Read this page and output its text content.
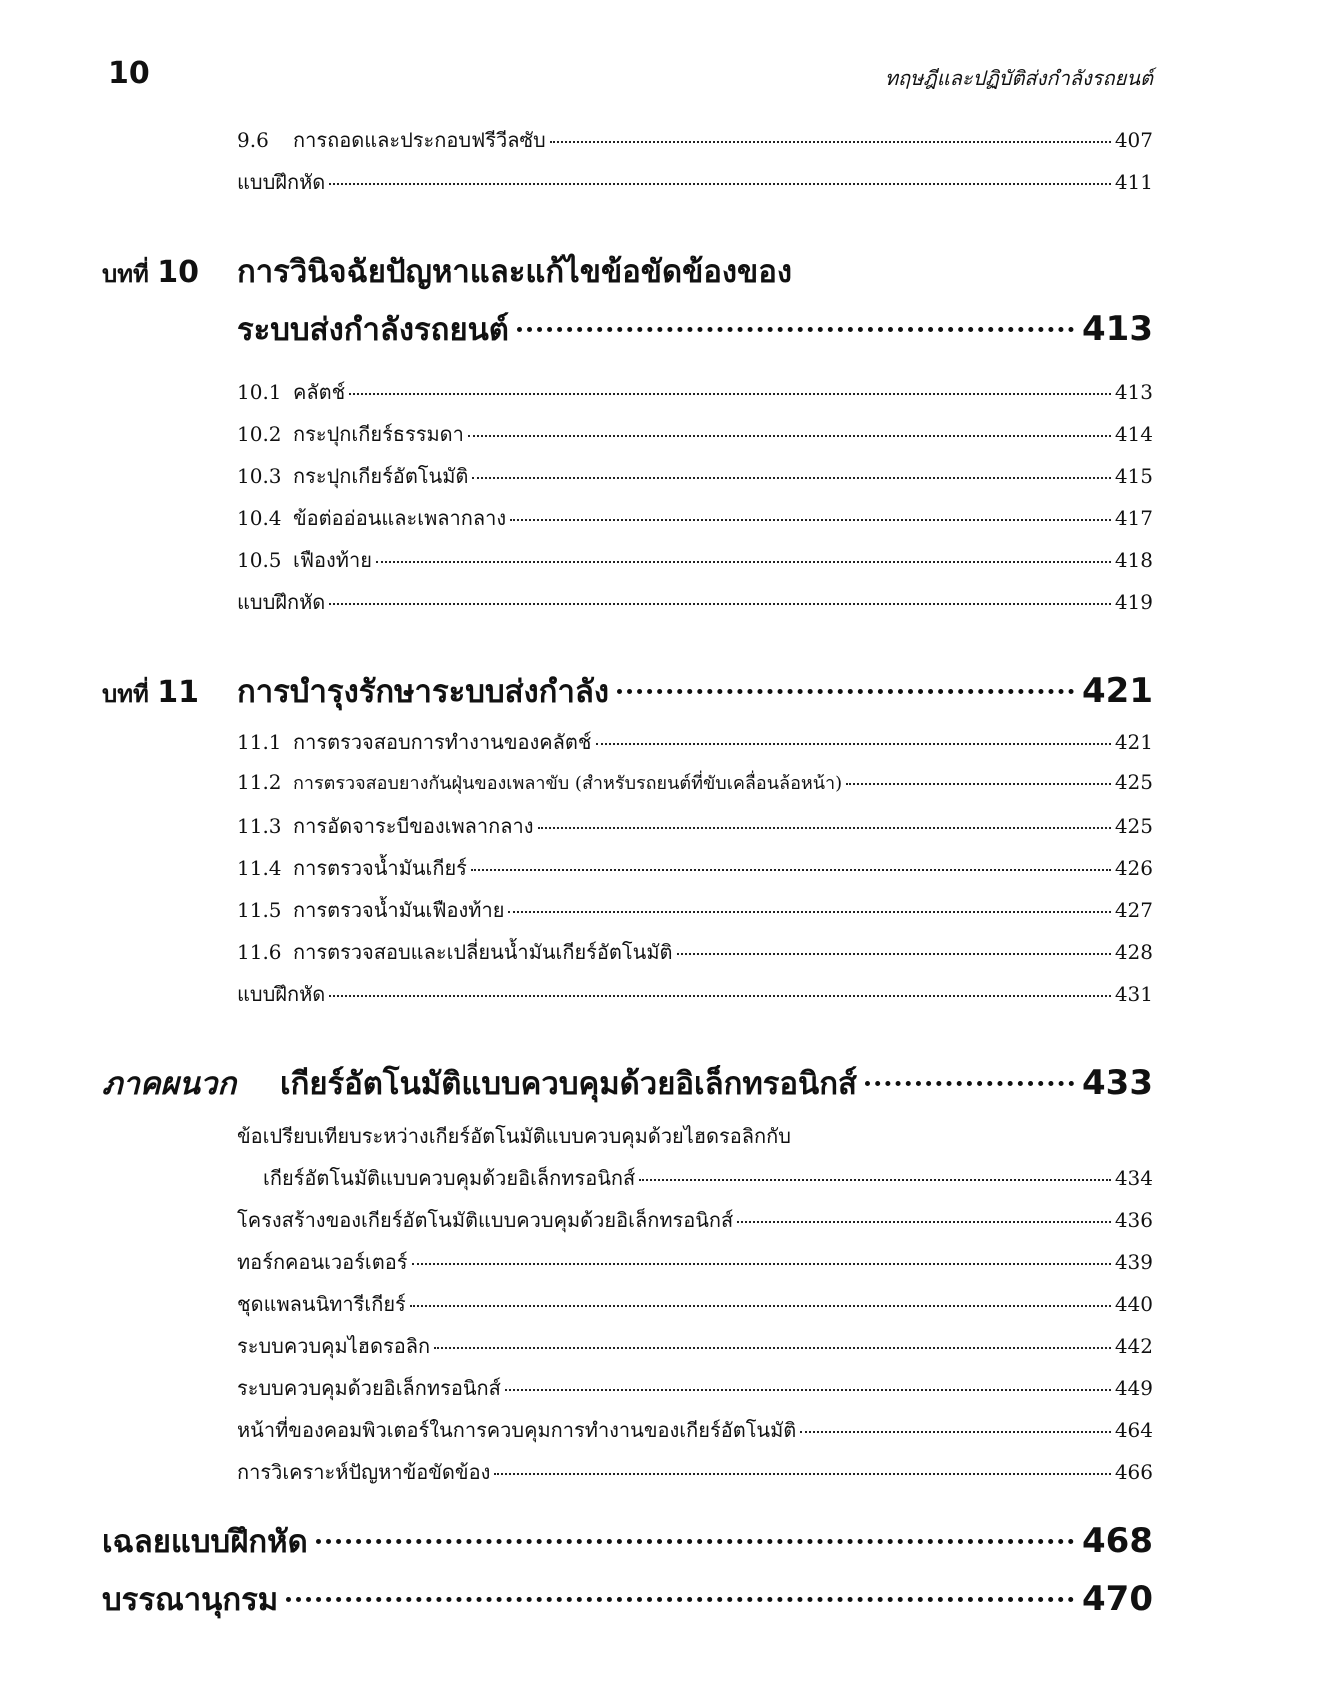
10	ทฤษฎีและปฏิบัติส่งกำลังรถยนต์
9.6	การถอดและประกอบฟรีวีลซับ	407
แบบฝึกหัด	411
บทที่ 10	การวินิจฉัยปัญหาและแก้ไขข้อขัดข้องของ
ระบบส่งกำลังรถยนต์	413
10.1 คลัตช์	413
10.2 กระปุกเกียร์ธรรมดา	414
10.3 กระปุกเกียร์อัตโนมัติ	415
10.4 ข้อต่ออ่อนและเพลากลาง	417
10.5 เฟืองท้าย	418
แบบฝึกหัด	419
บทที่ 11	การบำรุงรักษาระบบส่งกำลัง	421
11.1 การตรวจสอบการทำงานของคลัตช์	421
11.2 การตรวจสอบยางกันฝุ่นของเพลาขับ (สำหรับรถยนต์ที่ขับเคลื่อนล้อหน้า)	425
11.3 การอัดจาระบีของเพลากลาง	425
11.4 การตรวจน้ำมันเกียร์	426
11.5 การตรวจน้ำมันเฟืองท้าย	427
11.6 การตรวจสอบและเปลี่ยนน้ำมันเกียร์อัตโนมัติ	428
แบบฝึกหัด	431
ภาคผนวก	เกียร์อัตโนมัติแบบควบคุมด้วยอิเล็กทรอนิกส์	433
ข้อเปรียบเทียบระหว่างเกียร์อัตโนมัติแบบควบคุมด้วยไฮดรอลิกกับ
เกียร์อัตโนมัติแบบควบคุมด้วยอิเล็กทรอนิกส์	434
โครงสร้างของเกียร์อัตโนมัติแบบควบคุมด้วยอิเล็กทรอนิกส์	436
ทอร์กคอนเวอร์เตอร์	439
ชุดแพลนนิทารีเกียร์	440
ระบบควบคุมไฮดรอลิก	442
ระบบควบคุมด้วยอิเล็กทรอนิกส์	449
หน้าที่ของคอมพิวเตอร์ในการควบคุมการทำงานของเกียร์อัตโนมัติ	464
การวิเคราะห์ปัญหาข้อขัดข้อง	466
เฉลยแบบฝึกหัด	468
บรรณานุกรม	470
